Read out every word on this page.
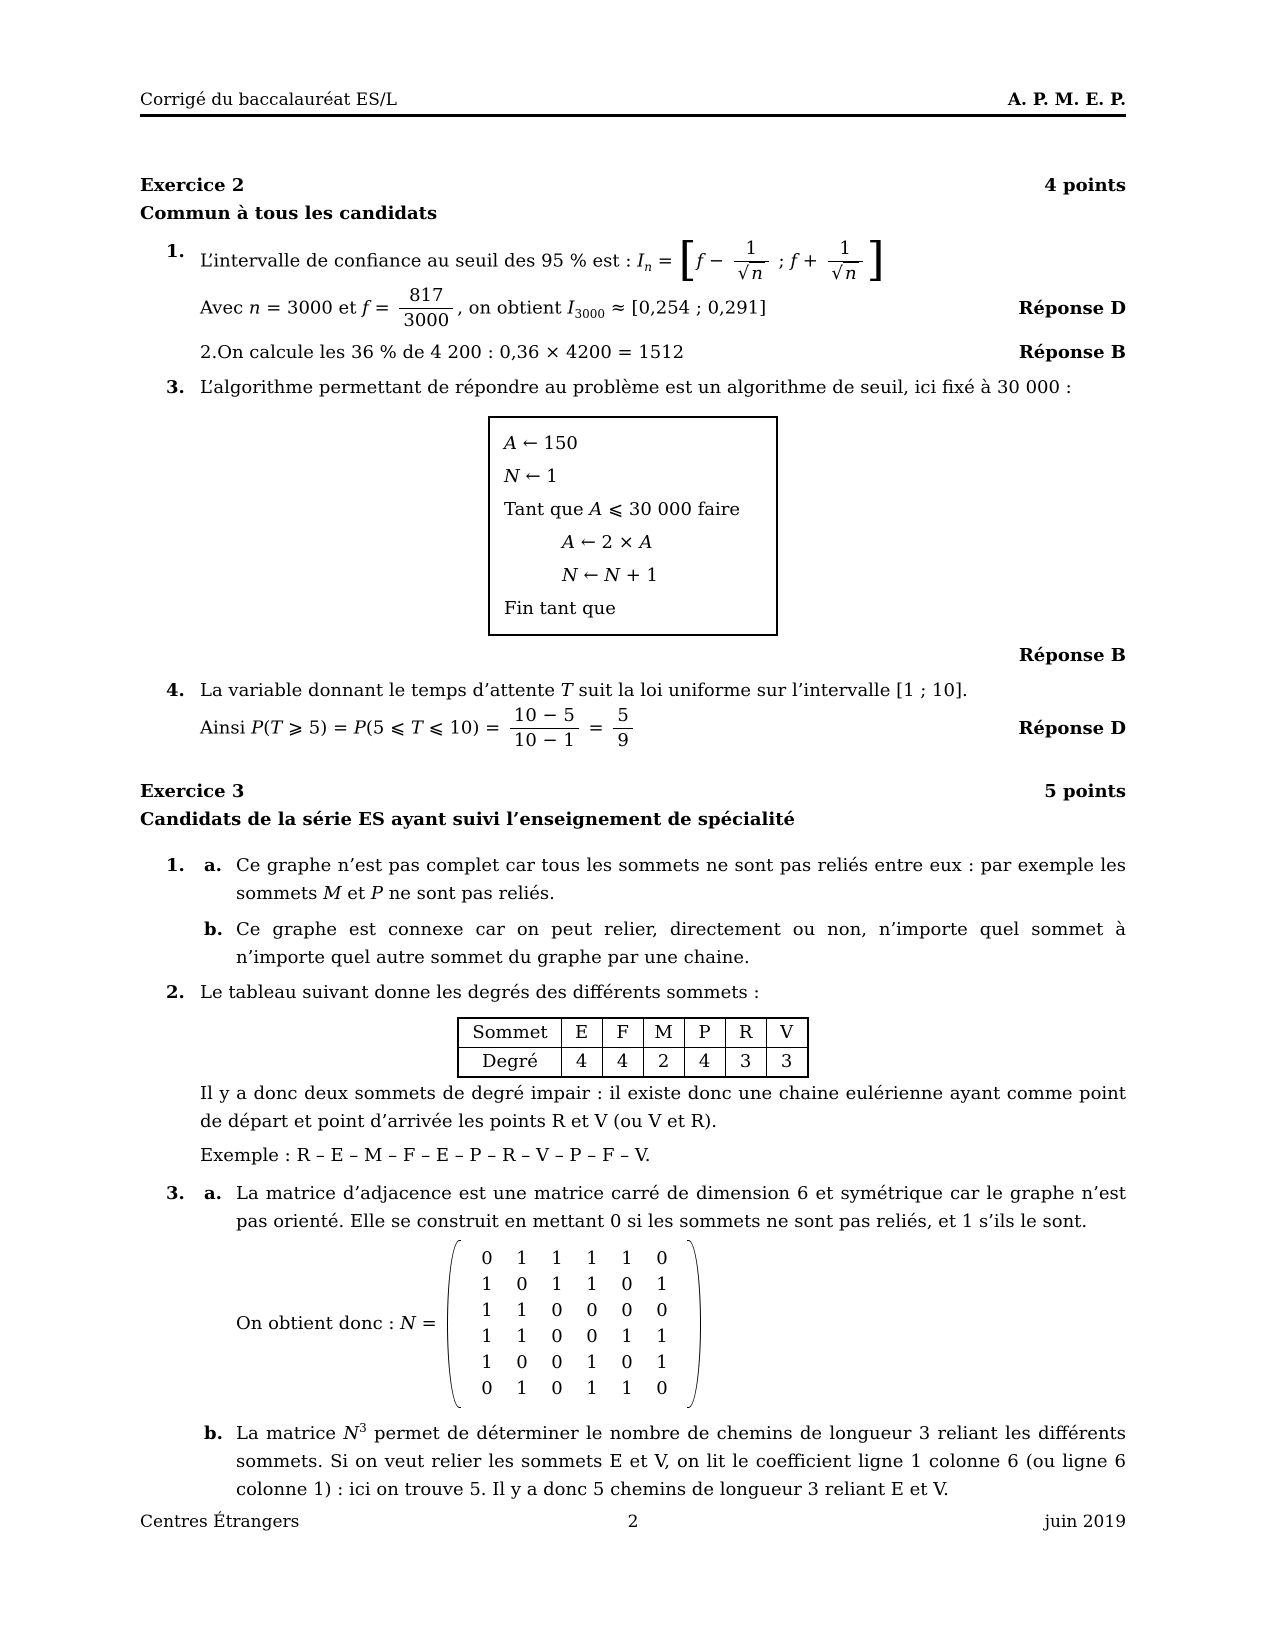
Corrigé du baccalauréat ES/L	A. P. M. E. P.
Exercice 2	4 points
Commun à tous les candidats
1. L’intervalle de confiance au seuil des 95 % est : $I_n = [f - \frac{1}{√ n}$ ; $f + \frac{1}{√ n}$ ]
Avec n = 3000 et $f = \frac{817}{3000}$ , on obtient $I_{3000} \approx [0,254$ ; 0,291]	Réponse D
2.On calcule les 36 % de 4 200 : 0,36 × 4200 = 1512	Réponse B
3. L’algorithme permettant de répondre au problème est un algorithme de seuil, ici fixé à 30 000 :
A ← 150
N ← 1
Tant que A ⩽ 30 000 faire
A ← 2 × A
N ← N + 1
Fin tant que
Réponse B
4. La variable donnant le temps d’attente T suit la loi uniforme sur l’intervalle [1 ; 10].
Ainsi P(T ⩾ 5) = P(5 ⩽ T ⩽ $10) = \frac{10 - 5}{10 - 1} = \frac{5}{9}$	Réponse D
Exercice 3	5 points
Candidats de la série ES ayant suivi l’enseignement de spécialité
1. a. Ce graphe n’est pas complet car tous les sommets ne sont pas reliés entre eux : par exemple les sommets M et P ne sont pas reliés.
b. Ce graphe est connexe car on peut relier, directement ou non, n’importe quel sommet à n’importe quel autre sommet du graphe par une chaine.
2. Le tableau suivant donne les degrés des différents sommets :
Sommet	E	F	M	P	R	V
Degré	4	4	2	4	3	3
Il y a donc deux sommets de degré impair : il existe donc une chaine eulérienne ayant comme point de départ et point d’arrivée les points R et V (ou V et R).
Exemple : R – E – M – F – E – P – R – V – P – F – V.
3. a. La matrice d’adjacence est une matrice carré de dimension 6 et symétrique car le graphe n’est pas orienté. Elle se construit en mettant 0 si les sommets ne sont pas reliés, et 1 s’ils le sont.
On obtient donc : N =
0 1 1 1 1 0
1 0 1 1 0 1
1 1 0 0 0 0
1 1 0 0 1 1
1 0 0 1 0 1
0 1 0 1 1 0
b. La matrice $N^3$ permet de déterminer le nombre de chemins de longueur 3 reliant les différents sommets. Si on veut relier les sommets E et V, on lit le coefficient ligne 1 colonne 6 (ou ligne 6 colonne 1) : ici on trouve 5. Il y a donc 5 chemins de longueur 3 reliant E et V.
Centres Étrangers	2	juin 2019
